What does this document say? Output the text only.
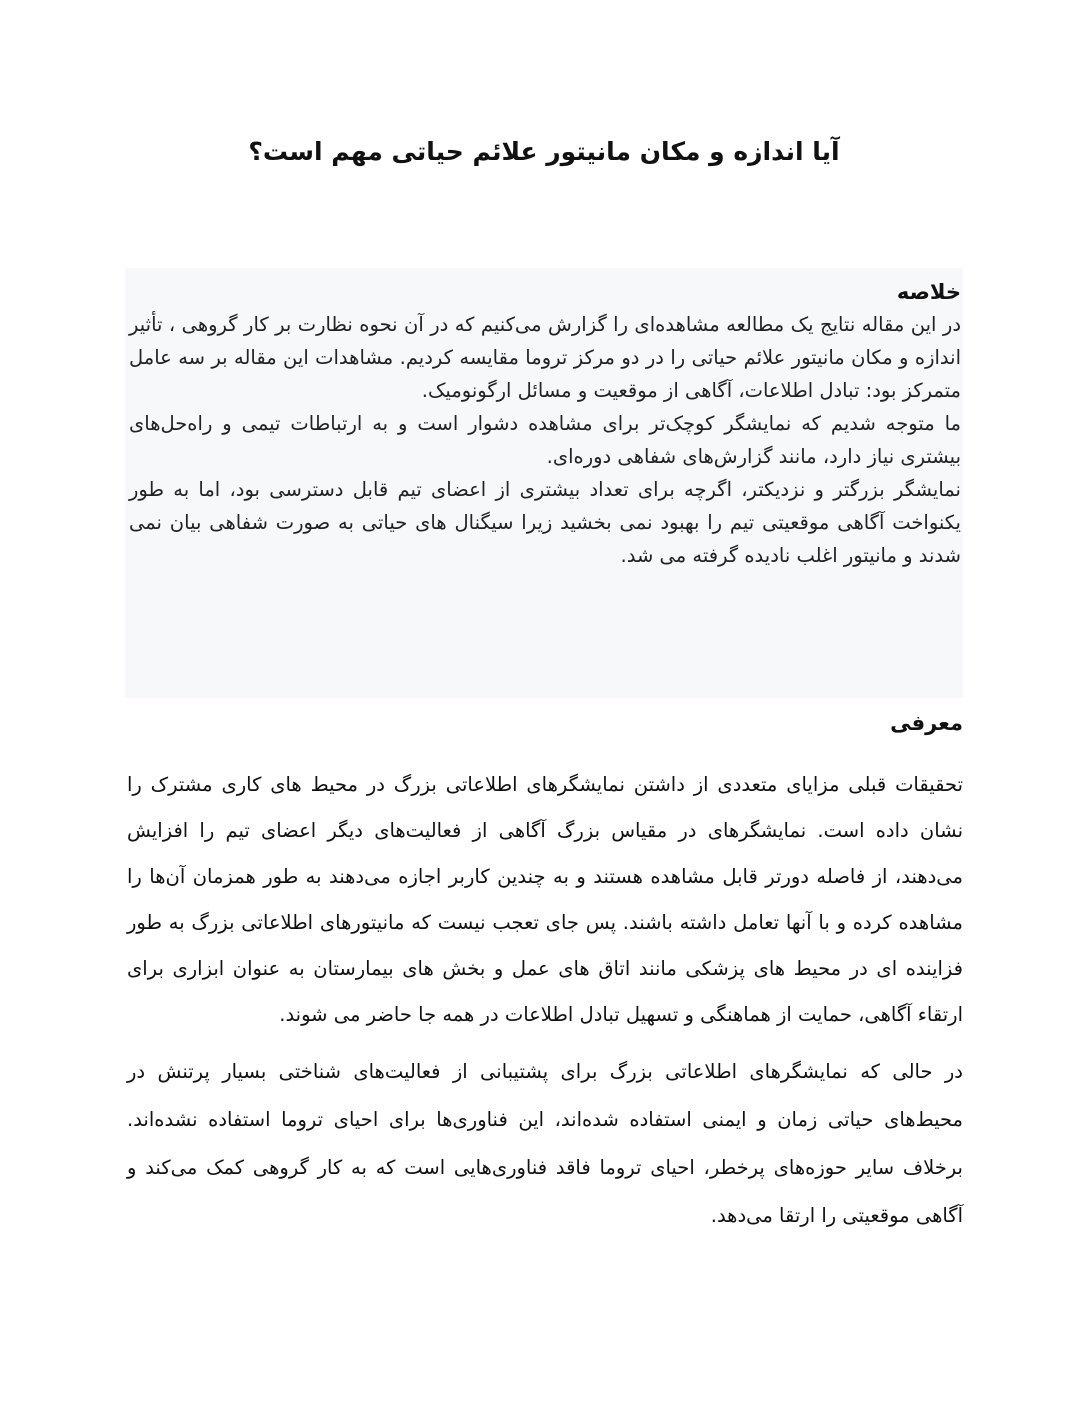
آیا اندازه و مکان مانیتور علائم حیاتی مهم است؟
خلاصه

در این مقاله نتایج یک مطالعه مشاهده‌ای را گزارش می‌کنیم که در آن نحوه نظارت بر کار گروهی ، تأثیر اندازه و مکان مانیتور علائم حیاتی را در دو مرکز تروما مقایسه کردیم. مشاهدات این مقاله بر سه عامل متمرکز بود: تبادل اطلاعات، آگاهی از موقعیت و مسائل ارگونومیک.

ما متوجه شدیم که نمایشگر کوچک‌تر برای مشاهده دشوار است و به ارتباطات تیمی و راه‌حل‌های بیشتری نیاز دارد، مانند گزارش‌های شفاهی دوره‌ای.

نمایشگر بزرگتر و نزدیکتر، اگرچه برای تعداد بیشتری از اعضای تیم قابل دسترسی بود، اما به طور یکنواخت آگاهی موقعیتی تیم را بهبود نمی بخشید زیرا سیگنال های حیاتی به صورت شفاهی بیان نمی شدند و مانیتور اغلب نادیده گرفته می شد.

معرفی

تحقیقات قبلی مزایای متعددی از داشتن نمایشگرهای اطلاعاتی بزرگ در محیط های کاری مشترک را نشان داده است. نمایشگرهای در مقیاس بزرگ آگاهی از فعالیت‌های دیگر اعضای تیم را افزایش می‌دهند، از فاصله دورتر قابل مشاهده هستند و به چندین کاربر اجازه می‌دهند به طور همزمان آن‌ها را مشاهده کرده و با آنها تعامل داشته باشند. پس جای تعجب نیست که مانیتورهای اطلاعاتی بزرگ به طور فزاینده ای در محیط های پزشکی مانند اتاق های عمل و بخش های بیمارستان به عنوان ابزاری برای ارتقاء آگاهی، حمایت از هماهنگی و تسهیل تبادل اطلاعات در همه جا حاضر می شوند.

در حالی که نمایشگرهای اطلاعاتی بزرگ برای پشتیبانی از فعالیت‌های شناختی بسیار پرتنش در محیط‌های حیاتی زمان و ایمنی استفاده شده‌اند، این فناوری‌ها برای احیای تروما استفاده نشده‌اند. برخلاف سایر حوزه‌های پرخطر، احیای تروما فاقد فناوری‌هایی است که به کار گروهی کمک می‌کند و آگاهی موقعیتی را ارتقا می‌دهد.
